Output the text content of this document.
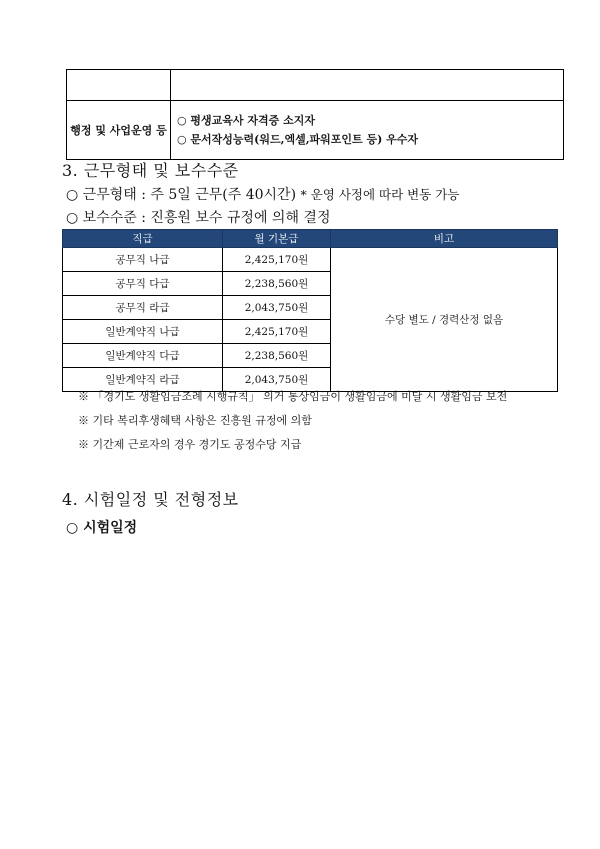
행정 및 사업운영 등	○ 평생교육사 자격증 소지자
○ 문서작성능력(워드,엑셀,파워포인트 등) 우수자
3. 근무형태 및 보수수준
○ 근무형태 : 주 5일 근무(주 40시간) * 운영 사정에 따라 변동 가능
○ 보수수준 : 진흥원 보수 규정에 의해 결정
직급	월 기본급	비고
공무직 나급	2,425,170원	수당 별도 / 경력산정 없음
공무직 다급	2,238,560원	
공무직 라급	2,043,750원	
일반계약직 나급	2,425,170원	
일반계약직 다급	2,238,560원	
일반계약직 라급	2,043,750원	
※ 「경기도 생활임금조례 시행규칙」 의거 통상임금이 생활임금에 미달 시 생활임금 보전
※ 기타 복리후생혜택 사항은 진흥원 규정에 의함
※ 기간제 근로자의 경우 경기도 공정수당 지급
4. 시험일정 및 전형정보
○ 시험일정
